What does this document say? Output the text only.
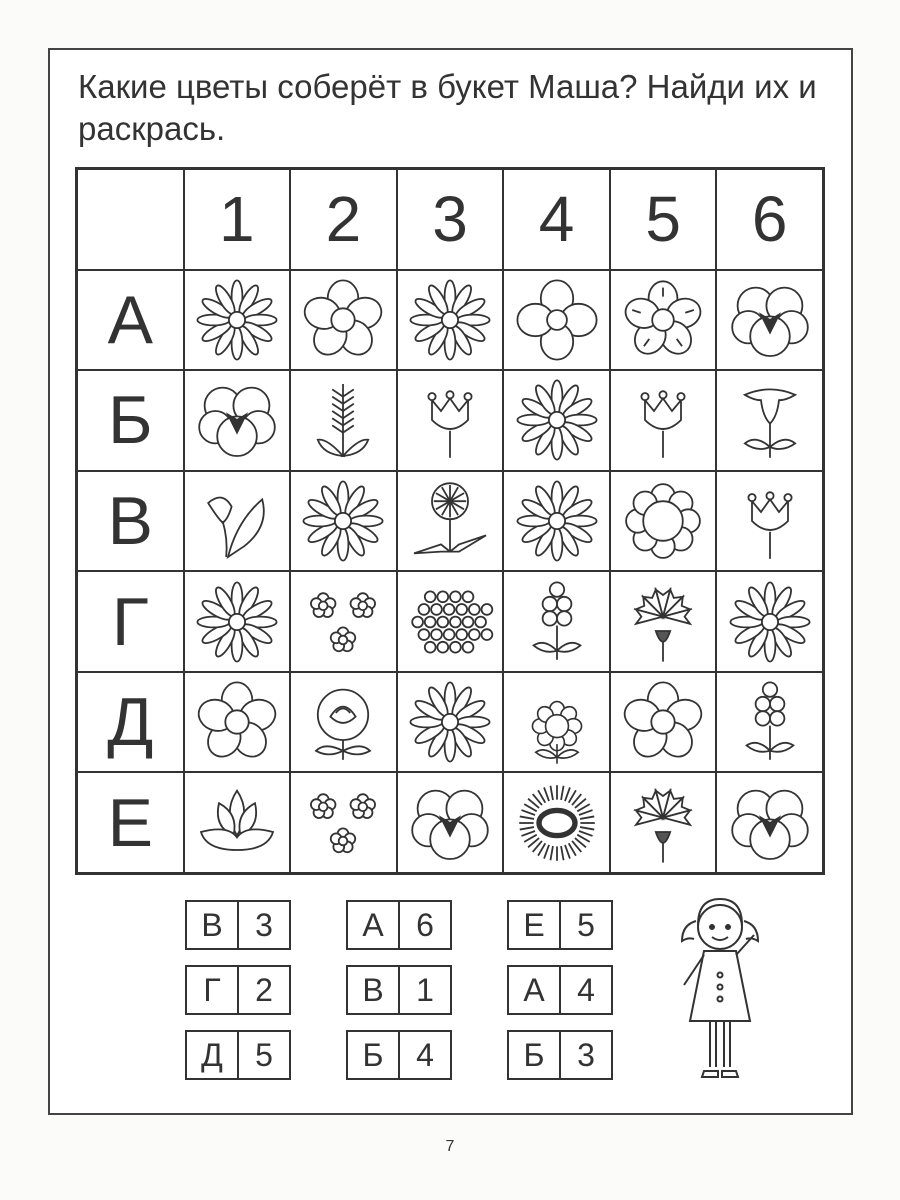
Какие цветы соберёт в букет Маша? Найди их и раскрась.
1	2	3	4	5	6
А
Б
В
Г
Д
Е
В	3	А	6	Е	5
Г	2	В	1	А	4
Д	5	Б	4	Б	3
7
